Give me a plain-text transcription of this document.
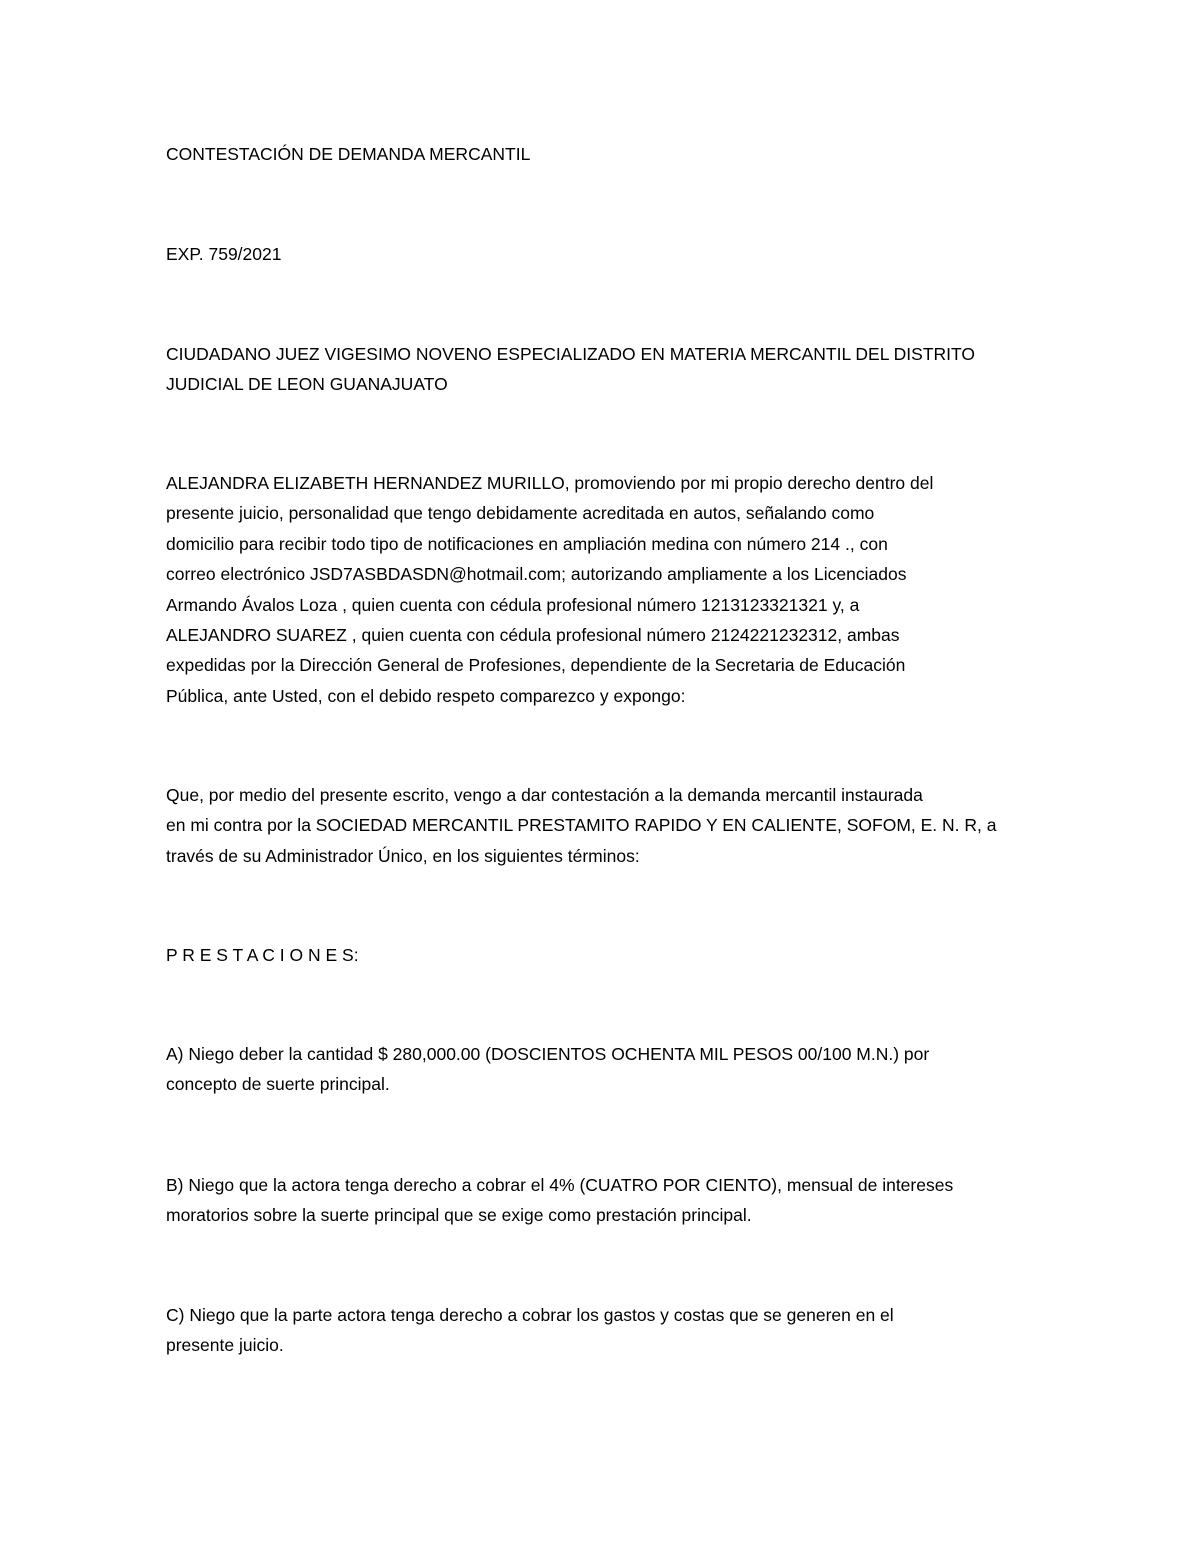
CONTESTACIÓN DE DEMANDA MERCANTIL

EXP. 759/2021

CIUDADANO JUEZ VIGESIMO NOVENO ESPECIALIZADO EN MATERIA MERCANTIL DEL DISTRITO
JUDICIAL DE LEON GUANAJUATO

ALEJANDRA ELIZABETH HERNANDEZ MURILLO, promoviendo por mi propio derecho dentro del
presente juicio, personalidad que tengo debidamente acreditada en autos, señalando como
domicilio para recibir todo tipo de notificaciones en ampliación medina con número 214 ., con
correo electrónico JSD7ASBDASDN@hotmail.com; autorizando ampliamente a los Licenciados
Armando Ávalos Loza , quien cuenta con cédula profesional número 1213123321321 y, a
ALEJANDRO SUAREZ , quien cuenta con cédula profesional número 2124221232312, ambas
expedidas por la Dirección General de Profesiones, dependiente de la Secretaria de Educación
Pública, ante Usted, con el debido respeto comparezco y expongo:

Que, por medio del presente escrito, vengo a dar contestación a la demanda mercantil instaurada
en mi contra por la SOCIEDAD MERCANTIL PRESTAMITO RAPIDO Y EN CALIENTE, SOFOM, E. N. R, a
través de su Administrador Único, en los siguientes términos:

P R E S T A C I O N E S:

A) Niego deber la cantidad $ 280,000.00 (DOSCIENTOS OCHENTA MIL PESOS 00/100 M.N.) por
concepto de suerte principal.

B) Niego que la actora tenga derecho a cobrar el 4% (CUATRO POR CIENTO), mensual de intereses
moratorios sobre la suerte principal que se exige como prestación principal.

C) Niego que la parte actora tenga derecho a cobrar los gastos y costas que se generen en el
presente juicio.
